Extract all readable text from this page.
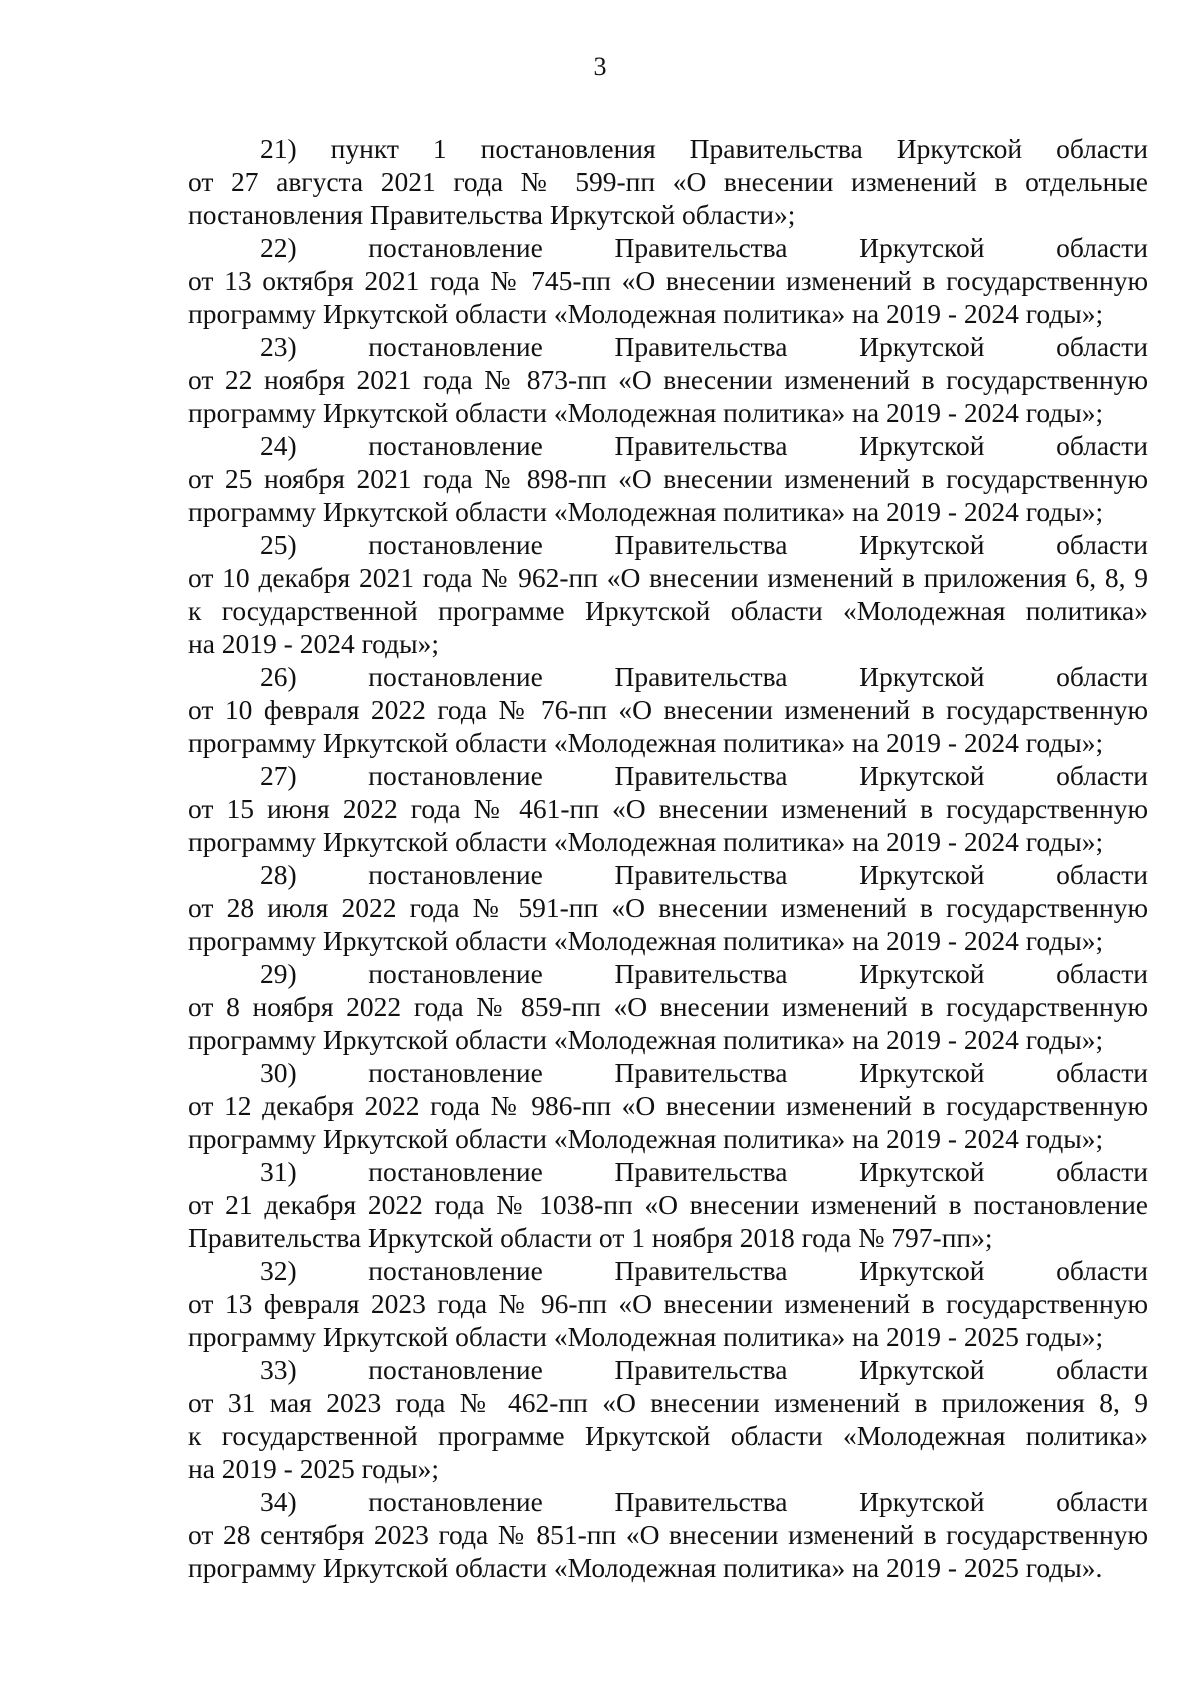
3
21) пункт 1 постановления Правительства Иркутской области
от 27 августа 2021 года № 599-пп «О внесении изменений в отдельные
постановления Правительства Иркутской области»;
22) постановление Правительства Иркутской области
от 13 октября 2021 года № 745-пп «О внесении изменений в государственную
программу Иркутской области «Молодежная политика» на 2019 - 2024 годы»;
23) постановление Правительства Иркутской области
от 22 ноября 2021 года № 873-пп «О внесении изменений в государственную
программу Иркутской области «Молодежная политика» на 2019 - 2024 годы»;
24) постановление Правительства Иркутской области
от 25 ноября 2021 года № 898-пп «О внесении изменений в государственную
программу Иркутской области «Молодежная политика» на 2019 - 2024 годы»;
25) постановление Правительства Иркутской области
от 10 декабря 2021 года № 962-пп «О внесении изменений в приложения 6, 8, 9
к государственной программе Иркутской области «Молодежная политика»
на 2019 - 2024 годы»;
26) постановление Правительства Иркутской области
от 10 февраля 2022 года № 76-пп «О внесении изменений в государственную
программу Иркутской области «Молодежная политика» на 2019 - 2024 годы»;
27) постановление Правительства Иркутской области
от 15 июня 2022 года № 461-пп «О внесении изменений в государственную
программу Иркутской области «Молодежная политика» на 2019 - 2024 годы»;
28) постановление Правительства Иркутской области
от 28 июля 2022 года № 591-пп «О внесении изменений в государственную
программу Иркутской области «Молодежная политика» на 2019 - 2024 годы»;
29) постановление Правительства Иркутской области
от 8 ноября 2022 года № 859-пп «О внесении изменений в государственную
программу Иркутской области «Молодежная политика» на 2019 - 2024 годы»;
30) постановление Правительства Иркутской области
от 12 декабря 2022 года № 986-пп «О внесении изменений в государственную
программу Иркутской области «Молодежная политика» на 2019 - 2024 годы»;
31) постановление Правительства Иркутской области
от 21 декабря 2022 года № 1038-пп «О внесении изменений в постановление
Правительства Иркутской области от 1 ноября 2018 года № 797-пп»;
32) постановление Правительства Иркутской области
от 13 февраля 2023 года № 96-пп «О внесении изменений в государственную
программу Иркутской области «Молодежная политика» на 2019 - 2025 годы»;
33) постановление Правительства Иркутской области
от 31 мая 2023 года № 462-пп «О внесении изменений в приложения 8, 9
к государственной программе Иркутской области «Молодежная политика»
на 2019 - 2025 годы»;
34) постановление Правительства Иркутской области
от 28 сентября 2023 года № 851-пп «О внесении изменений в государственную
программу Иркутской области «Молодежная политика» на 2019 - 2025 годы».
